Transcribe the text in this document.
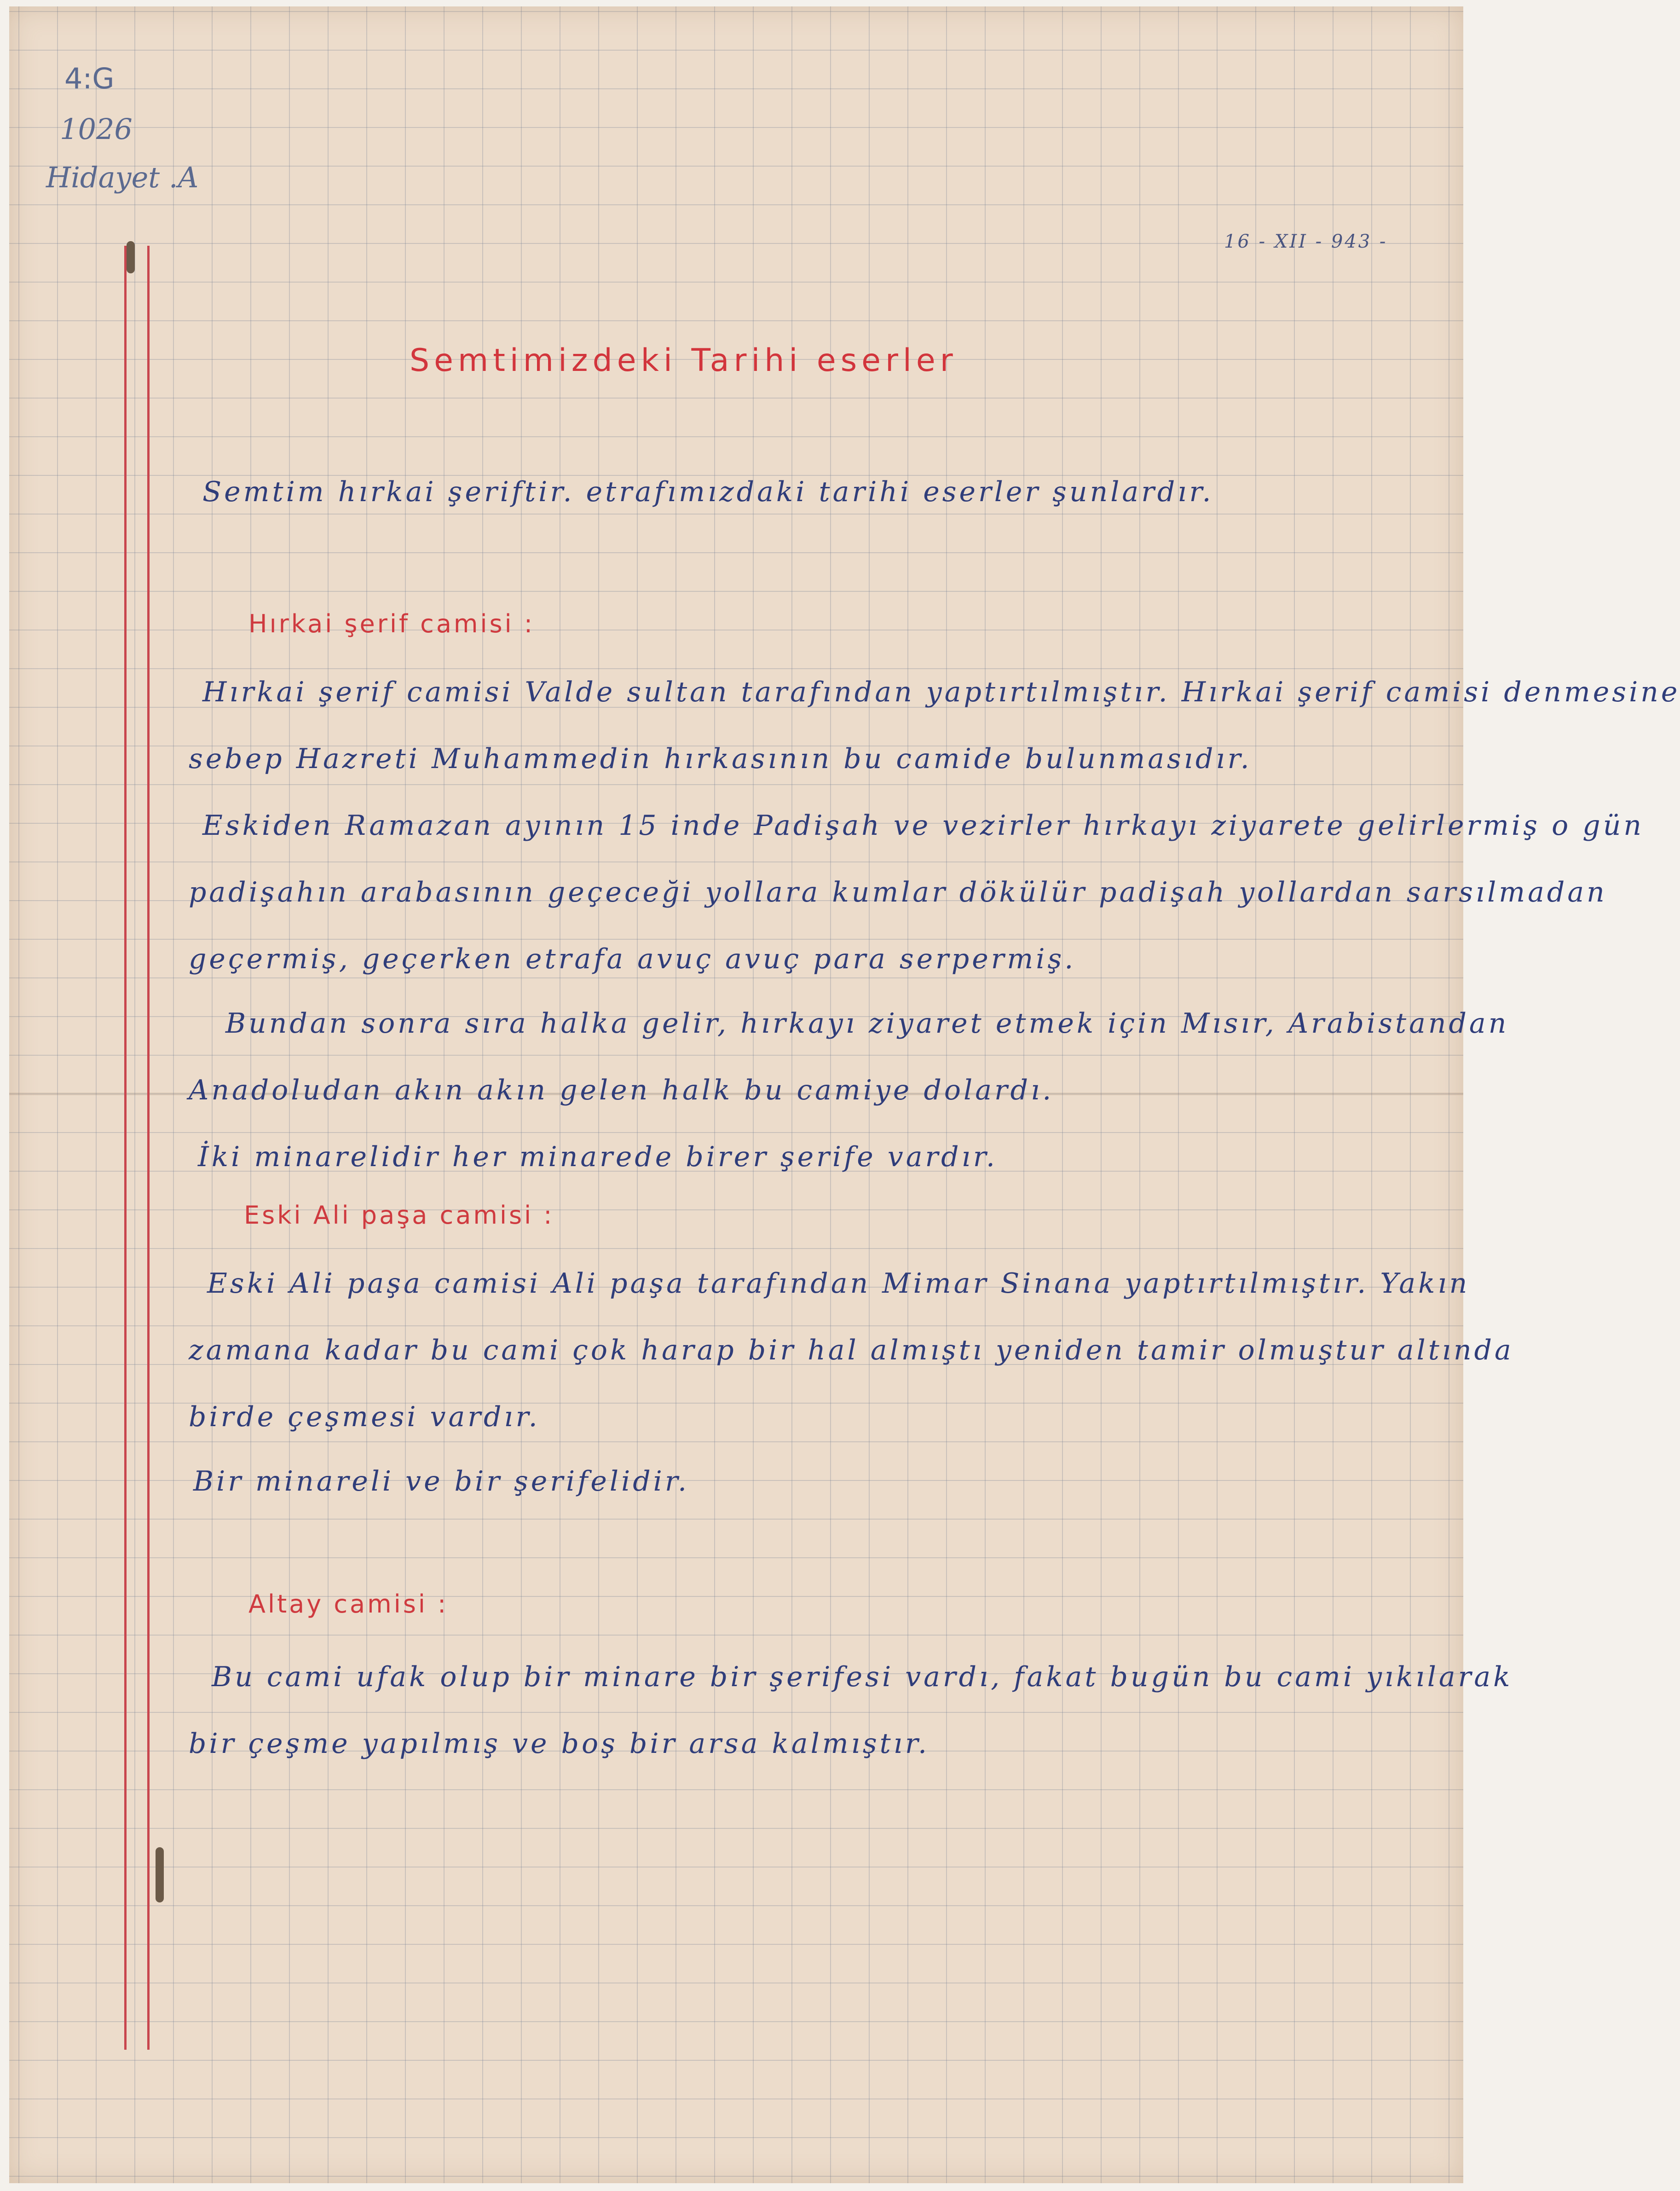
4:G
1026
Hidayet .A
16 - XII - 943 -
Semtimizdeki Tarihi eserler
Semtim hırkai şeriftir. etrafımızdaki tarihi eserler şunlardır.
Hırkai şerif camisi :
Hırkai şerif camisi Valde sultan tarafından yaptırtılmıştır. Hırkai şerif camisi denmesine
sebep Hazreti Muhammedin hırkasının bu camide bulunmasıdır.
Eskiden Ramazan ayının 15 inde Padişah ve vezirler hırkayı ziyarete gelirlermiş o gün
padişahın arabasının geçeceği yollara kumlar dökülür padişah yollardan sarsılmadan
geçermiş, geçerken etrafa avuç avuç para serpermiş.
Bundan sonra sıra halka gelir, hırkayı ziyaret etmek için Mısır, Arabistandan
Anadoludan akın akın gelen halk bu camiye dolardı.
İki minarelidir her minarede birer şerife vardır.
Eski Ali paşa camisi :
Eski Ali paşa camisi Ali paşa tarafından Mimar Sinana yaptırtılmıştır. Yakın
zamana kadar bu cami çok harap bir hal almıştı yeniden tamir olmuştur altında
birde çeşmesi vardır.
Bir minareli ve bir şerifelidir.
Altay camisi :
Bu cami ufak olup bir minare bir şerifesi vardı, fakat bugün bu cami yıkılarak
bir çeşme yapılmış ve boş bir arsa kalmıştır.
